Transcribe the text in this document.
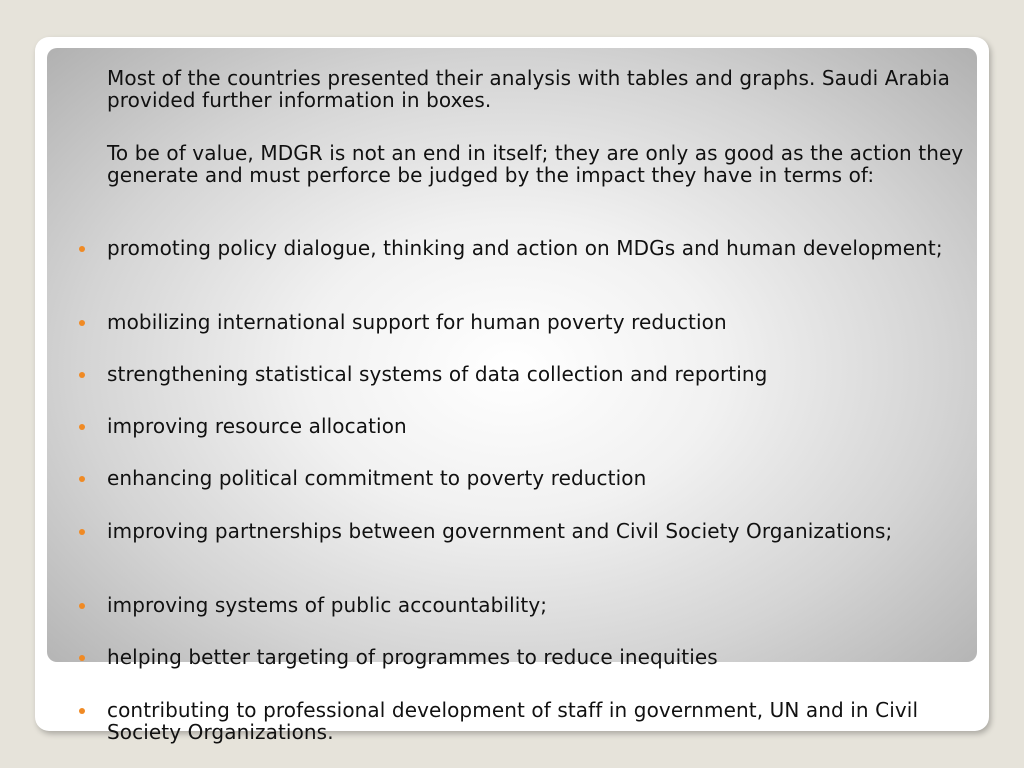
Most of the countries presented their analysis with tables and graphs. Saudi Arabia provided further information in boxes.

To be of value, MDGR is not an end in itself; they are only as good as the action they generate and must perforce be judged by the impact they have in terms of:

promoting policy dialogue, thinking and action on MDGs and human development;
mobilizing international support for human poverty reduction
strengthening statistical systems of data collection and reporting
improving resource allocation
enhancing political commitment to poverty reduction
improving partnerships between government and Civil Society Organizations;
improving systems of public accountability;
helping better targeting of programmes to reduce inequities
contributing to professional development of staff in government, UN and in Civil Society Organizations.
